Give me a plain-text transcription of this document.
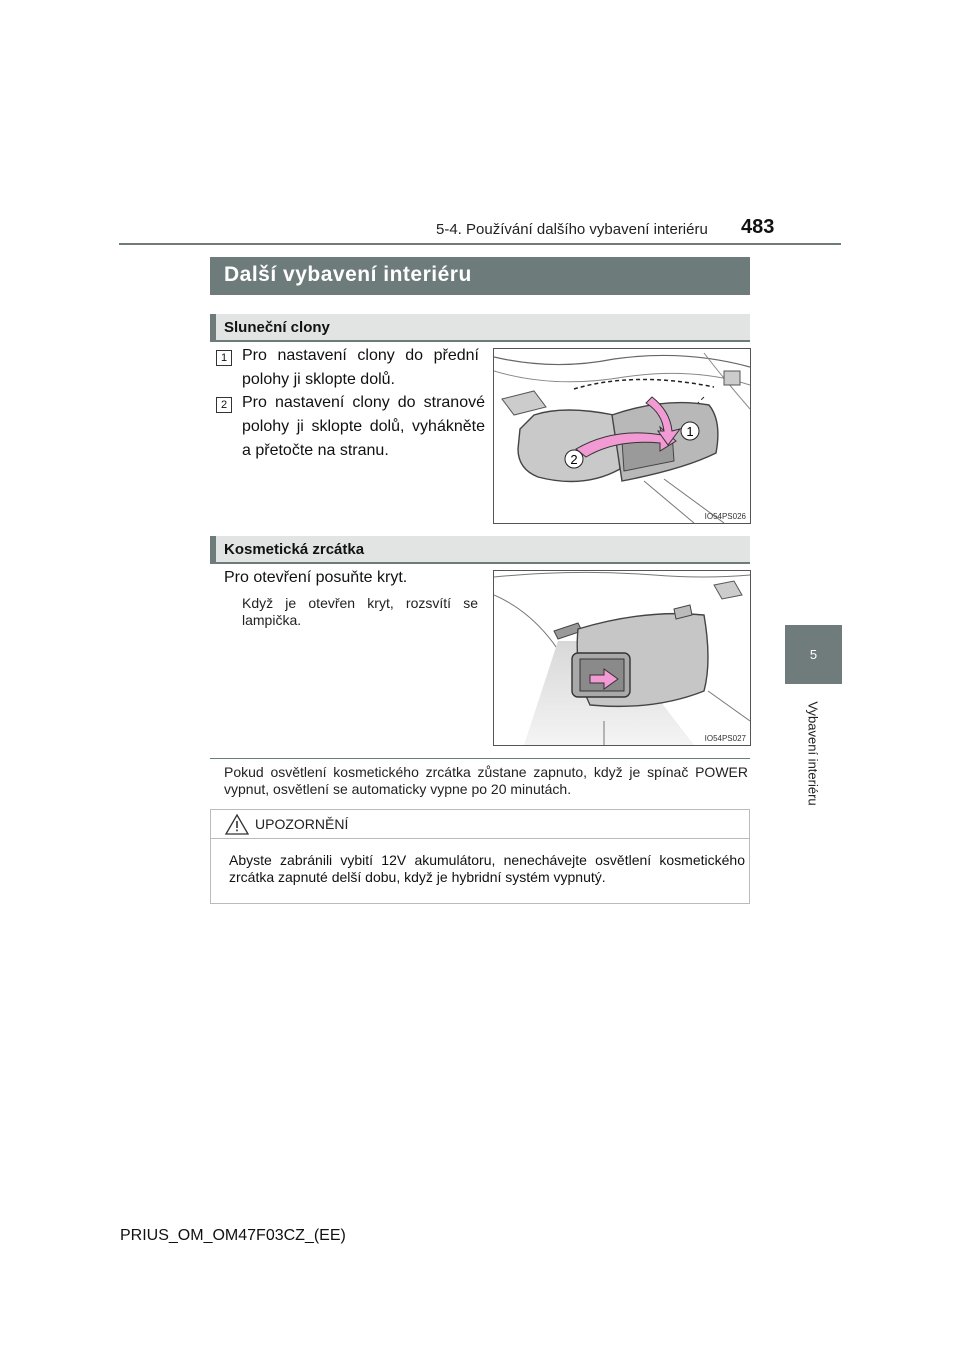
5-4. Používání dalšího vybavení interiéru 483
5
Vybavení interiéru
Další vybavení interiéru
Sluneční clony
1 Pro nastavení clony do přední polohy ji sklopte dolů.
2 Pro nastavení clony do stranové polohy ji sklopte dolů, vyhákněte a přetočte na stranu.
1
2
IO54PS026
Kosmetická zrcátka
Pro otevření posuňte kryt.
Když je otevřen kryt, rozsvítí se lampička.
IO54PS027
Pokud osvětlení kosmetického zrcátka zůstane zapnuto, když je spínač POWER vypnut, osvětlení se automaticky vypne po 20 minutách.
UPOZORNĚNÍ
Abyste zabránili vybití 12V akumulátoru, nenechávejte osvětlení kosmetického zrcátka zapnuté delší dobu, když je hybridní systém vypnutý.
PRIUS_OM_OM47F03CZ_(EE)
